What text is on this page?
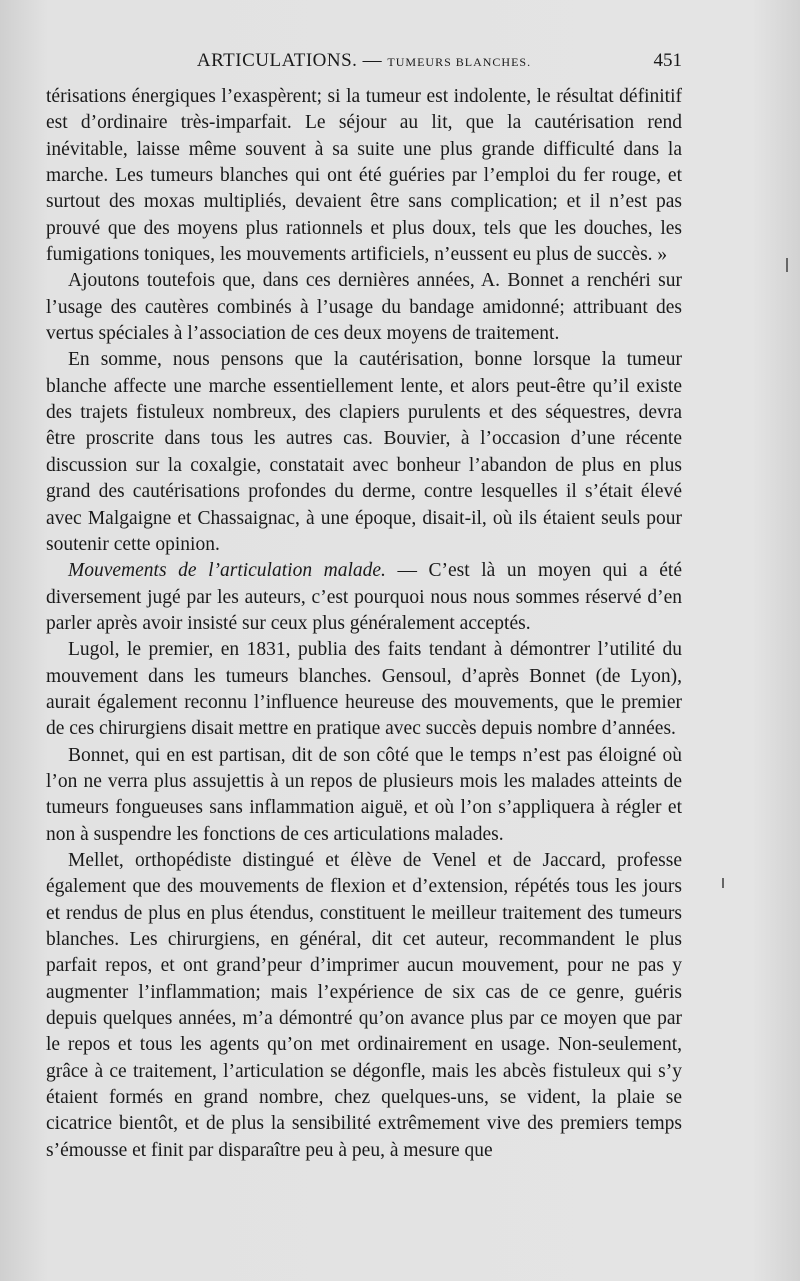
ARTICULATIONS. — TUMEURS BLANCHES.	451

térisations énergiques l’exaspèrent; si la tumeur est indolente, le résultat définitif est d’ordinaire très-imparfait. Le séjour au lit, que la cautérisation rend inévitable, laisse même souvent à sa suite une plus grande difficulté dans la marche. Les tumeurs blanches qui ont été guéries par l’emploi du fer rouge, et surtout des moxas multipliés, devaient être sans complication; et il n’est pas prouvé que des moyens plus rationnels et plus doux, tels que les douches, les fumigations toniques, les mouvements artificiels, n’eussent eu plus de succès. »

Ajoutons toutefois que, dans ces dernières années, A. Bonnet a renchéri sur l’usage des cautères combinés à l’usage du bandage amidonné; attribuant des vertus spéciales à l’association de ces deux moyens de traitement.

En somme, nous pensons que la cautérisation, bonne lorsque la tumeur blanche affecte une marche essentiellement lente, et alors peut-être qu’il existe des trajets fistuleux nombreux, des clapiers purulents et des séquestres, devra être proscrite dans tous les autres cas. Bouvier, à l’occasion d’une récente discussion sur la coxalgie, constatait avec bonheur l’abandon de plus en plus grand des cautérisations profondes du derme, contre lesquelles il s’était élevé avec Malgaigne et Chassaignac, à une époque, disait-il, où ils étaient seuls pour soutenir cette opinion.

Mouvements de l’articulation malade. — C’est là un moyen qui a été diversement jugé par les auteurs, c’est pourquoi nous nous sommes réservé d’en parler après avoir insisté sur ceux plus généralement acceptés.

Lugol, le premier, en 1831, publia des faits tendant à démontrer l’utilité du mouvement dans les tumeurs blanches. Gensoul, d’après Bonnet (de Lyon), aurait également reconnu l’influence heureuse des mouvements, que le premier de ces chirurgiens disait mettre en pratique avec succès depuis nombre d’années.

Bonnet, qui en est partisan, dit de son côté que le temps n’est pas éloigné où l’on ne verra plus assujettis à un repos de plusieurs mois les malades atteints de tumeurs fongueuses sans inflammation aiguë, et où l’on s’appliquera à régler et non à suspendre les fonctions de ces articulations malades.

Mellet, orthopédiste distingué et élève de Venel et de Jaccard, professe également que des mouvements de flexion et d’extension, répétés tous les jours et rendus de plus en plus étendus, constituent le meilleur traitement des tumeurs blanches. Les chirurgiens, en général, dit cet auteur, recommandent le plus parfait repos, et ont grand’peur d’imprimer aucun mouvement, pour ne pas y augmenter l’inflammation; mais l’expérience de six cas de ce genre, guéris depuis quelques années, m’a démontré qu’on avance plus par ce moyen que par le repos et tous les agents qu’on met ordinairement en usage. Non-seulement, grâce à ce traitement, l’articulation se dégonfle, mais les abcès fistuleux qui s’y étaient formés en grand nombre, chez quelques-uns, se vident, la plaie se cicatrice bientôt, et de plus la sensibilité extrêmement vive des premiers temps s’émousse et finit par disparaître peu à peu, à mesure que
